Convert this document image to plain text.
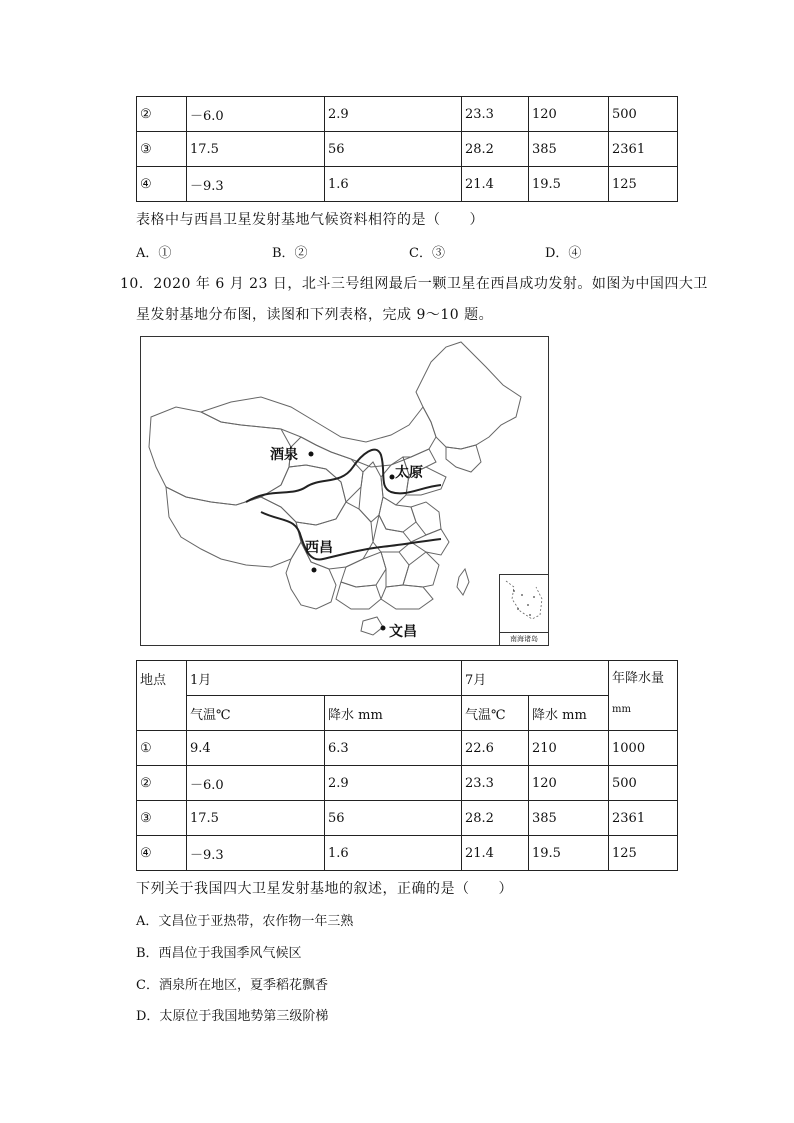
②	－6.0	2.9	23.3	120	500
③	17.5	56	28.2	385	2361
④	－9.3	1.6	21.4	19.5	125
表格中与西昌卫星发射基地气候资料相符的是（　　）
A．①	B．②	C．③	D．④
10．2020 年 6 月 23 日，北斗三号组网最后一颗卫星在西昌成功发射。如图为中国四大卫
星发射基地分布图，读图和下列表格，完成 9～10 题。
酒泉
太原
西昌
文昌	南海诸岛
地点	1月		7月		年降水量
mm

	气温℃	降水 mm	气温℃	降水 mm	
①	9.4	6.3	22.6	210	1000
②	－6.0	2.9	23.3	120	500
③	17.5	56	28.2	385	2361
④	－9.3	1.6	21.4	19.5	125
下列关于我国四大卫星发射基地的叙述，正确的是（　　）
A．文昌位于亚热带，农作物一年三熟
B．西昌位于我国季风气候区
C．酒泉所在地区，夏季稻花飘香
D．太原位于我国地势第三级阶梯
